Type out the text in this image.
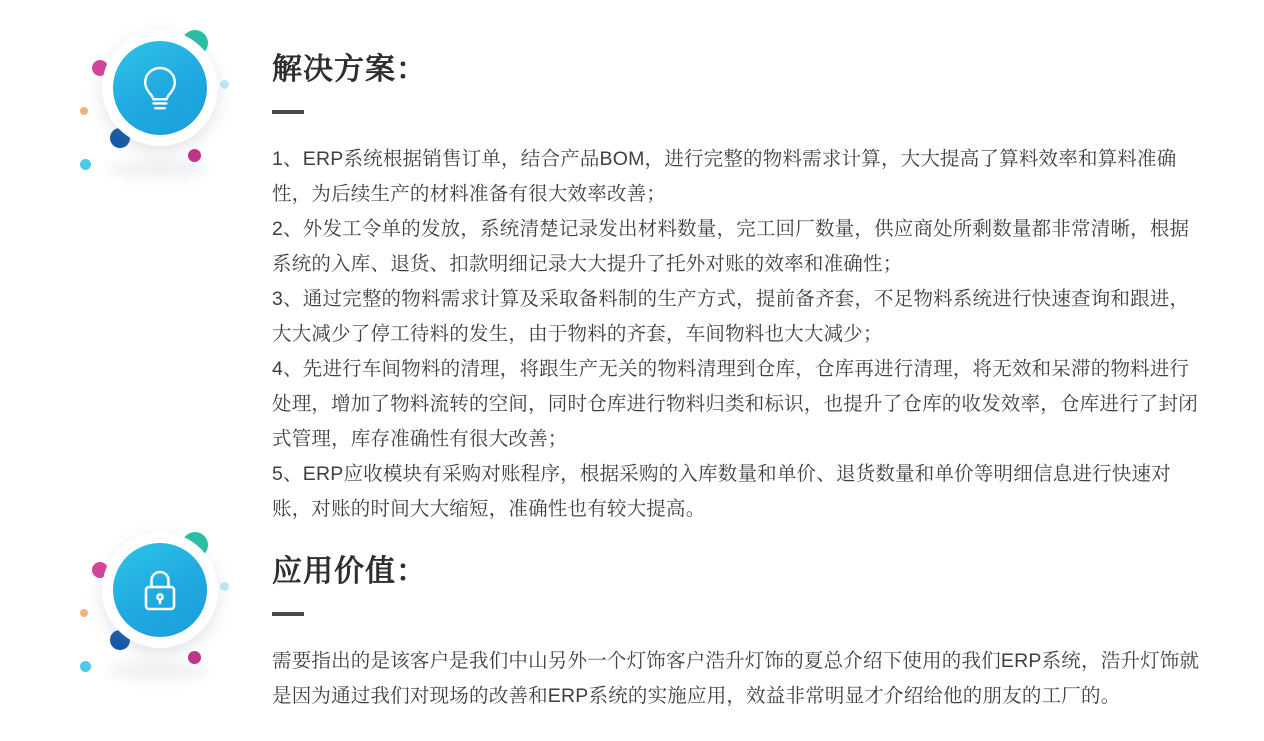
解决方案：

1、ERP系统根据销售订单，结合产品BOM，进行完整的物料需求计算，大大提高了算料效率和算料准确性，为后续生产的材料准备有很大效率改善；

2、外发工令单的发放，系统清楚记录发出材料数量，完工回厂数量，供应商处所剩数量都非常清晰，根据系统的入库、退货、扣款明细记录大大提升了托外对账的效率和准确性；

3、通过完整的物料需求计算及采取备料制的生产方式，提前备齐套，不足物料系统进行快速查询和跟进，大大减少了停工待料的发生，由于物料的齐套，车间物料也大大减少；

4、先进行车间物料的清理，将跟生产无关的物料清理到仓库，仓库再进行清理，将无效和呆滞的物料进行处理，增加了物料流转的空间，同时仓库进行物料归类和标识，也提升了仓库的收发效率，仓库进行了封闭式管理，库存准确性有很大改善；

5、ERP应收模块有采购对账程序，根据采购的入库数量和单价、退货数量和单价等明细信息进行快速对账，对账的时间大大缩短，准确性也有较大提高。

应用价值：

需要指出的是该客户是我们中山另外一个灯饰客户浩升灯饰的夏总介绍下使用的我们ERP系统，浩升灯饰就是因为通过我们对现场的改善和ERP系统的实施应用，效益非常明显才介绍给他的朋友的工厂的。
